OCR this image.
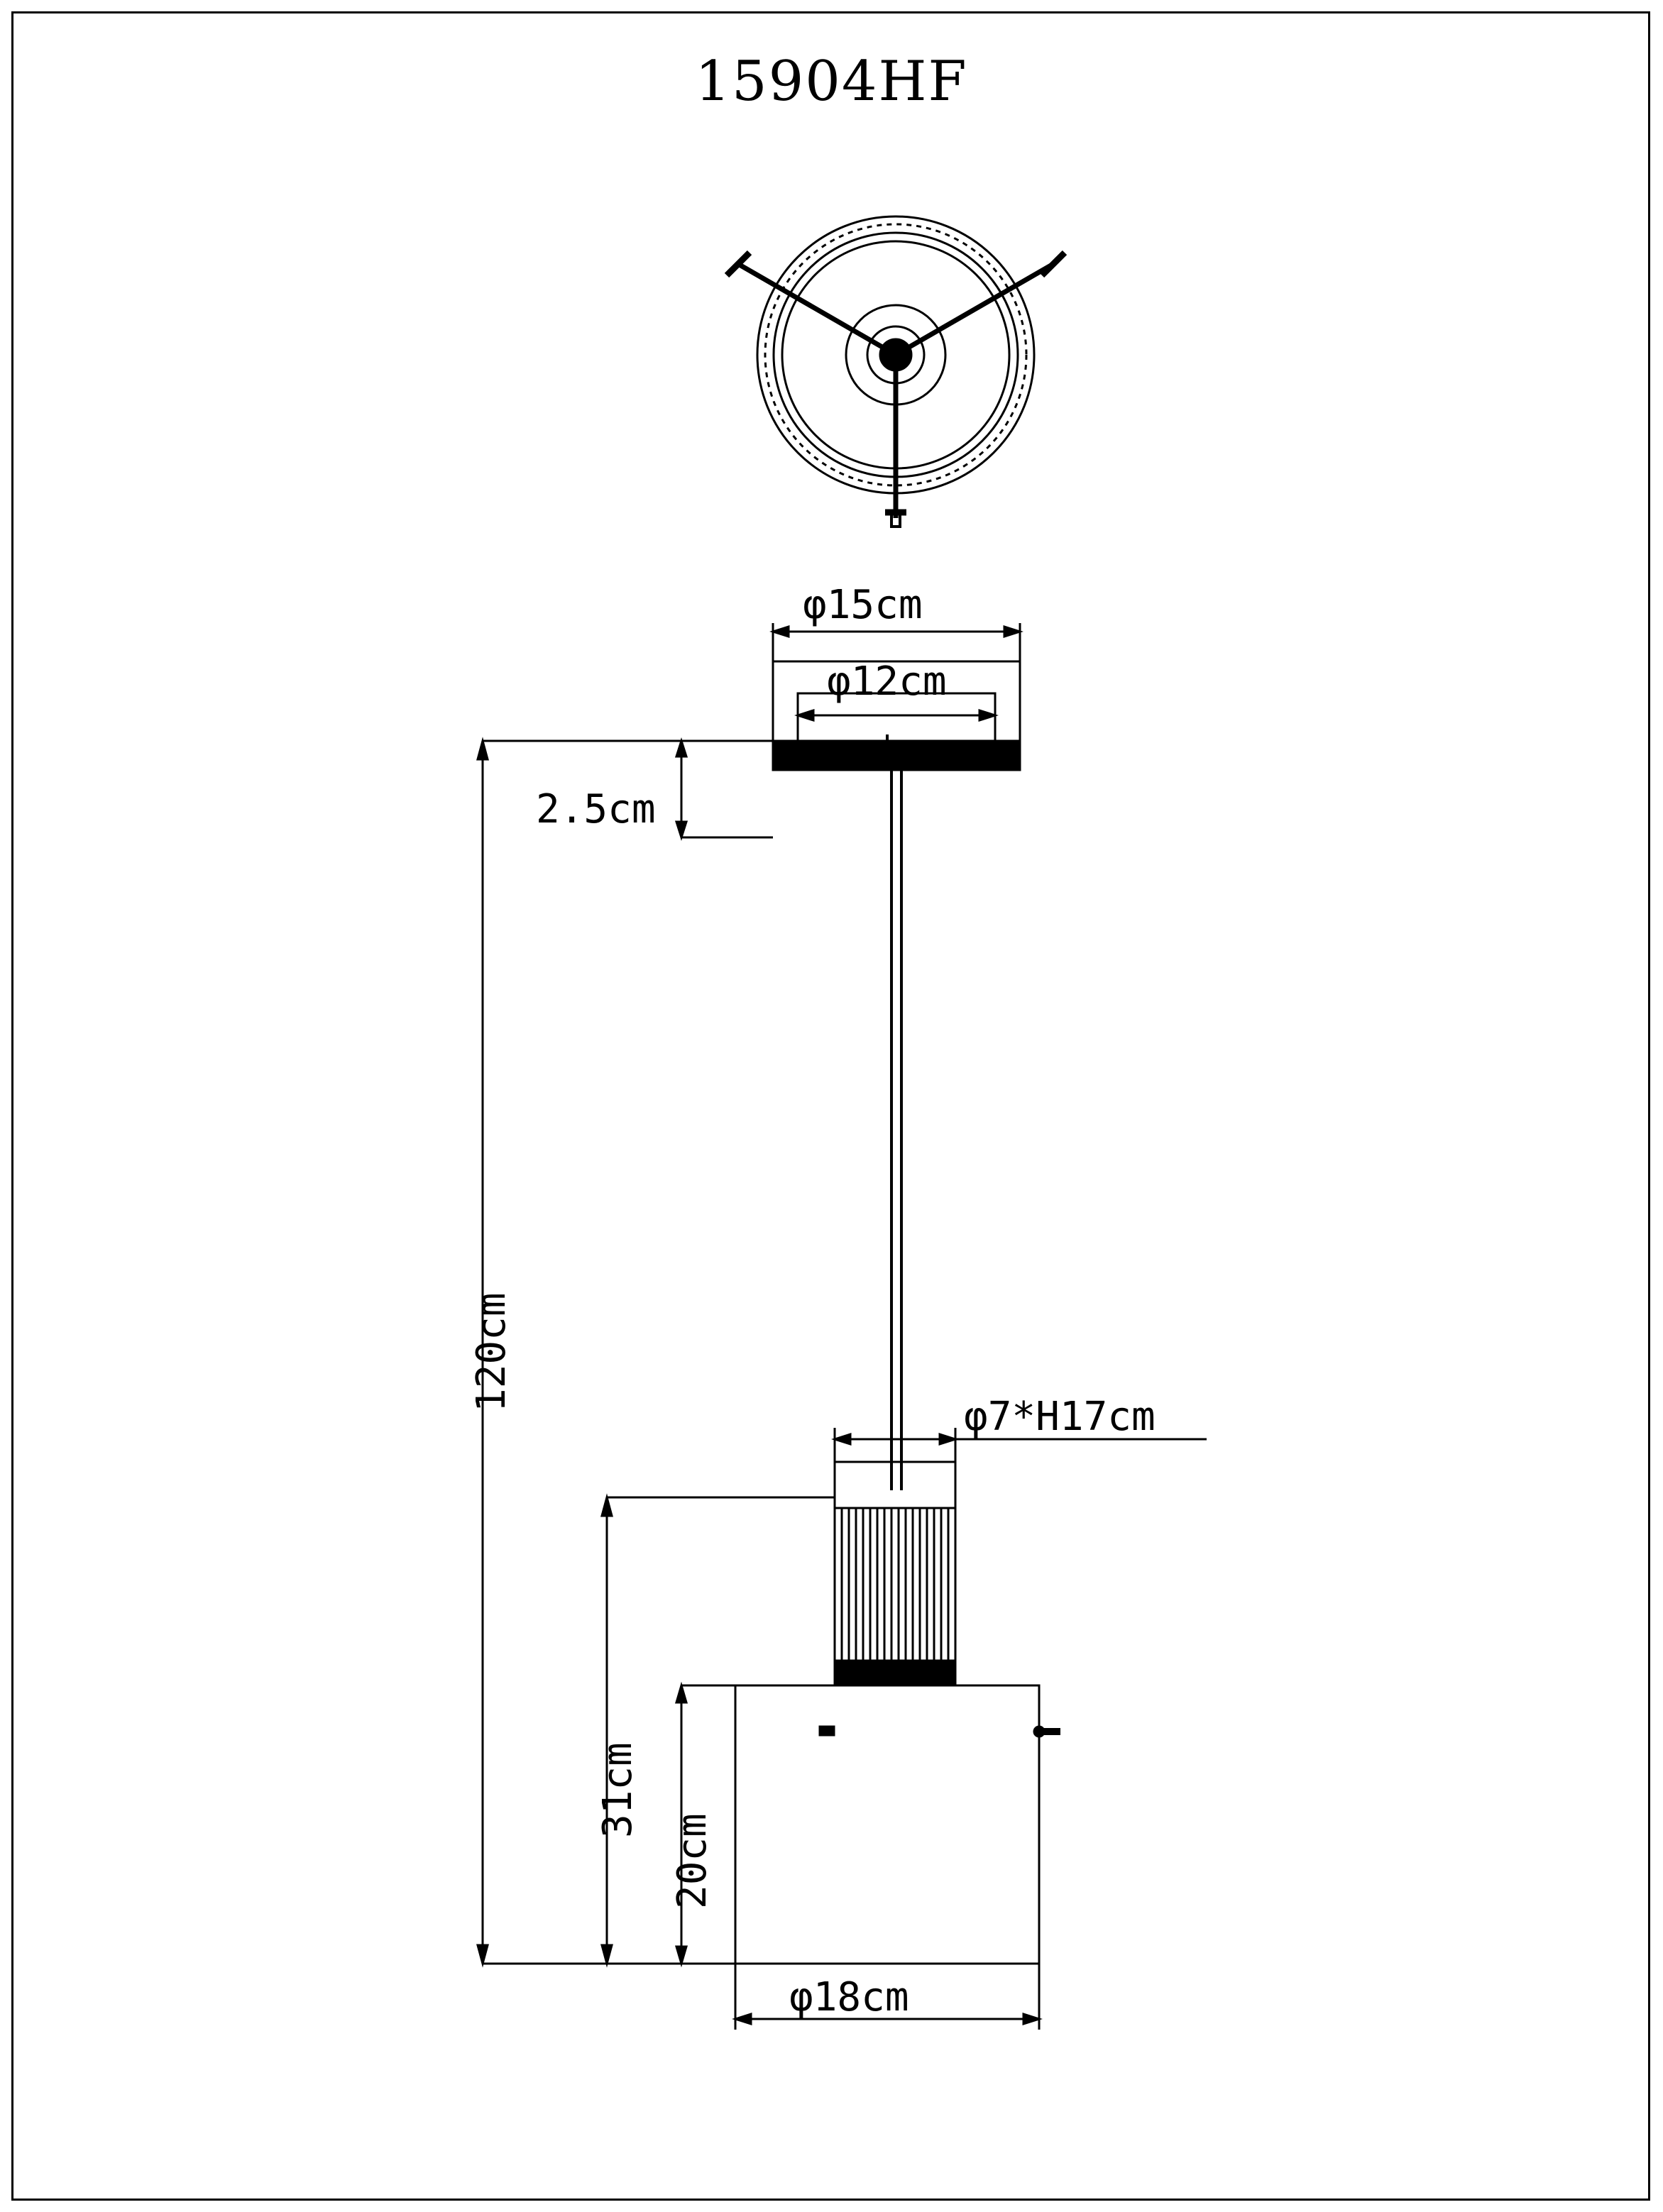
15904HF
φ15cm
φ12cm
2.5cm
120cm
φ7*H17cm
31cm
20cm
φ18cm
